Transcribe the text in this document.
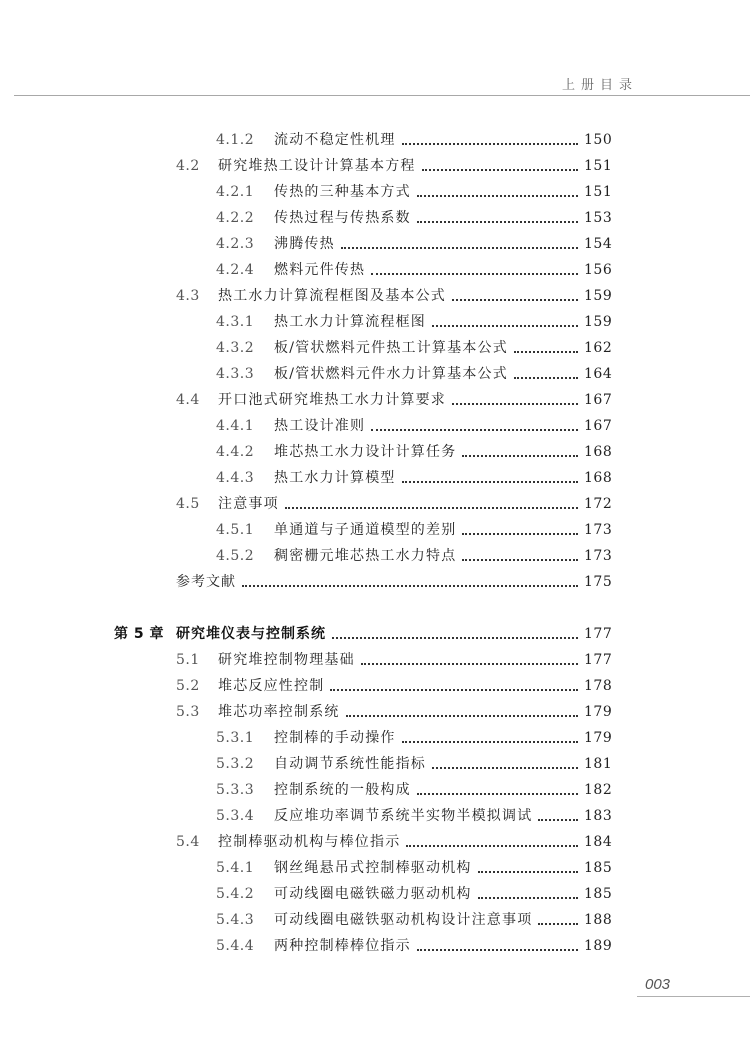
上册目录
4.1.2	流动不稳定性机理	150
4.2	研究堆热工设计计算基本方程	151
4.2.1	传热的三种基本方式	151
4.2.2	传热过程与传热系数	153
4.2.3	沸腾传热	154
4.2.4	燃料元件传热	156
4.3	热工水力计算流程框图及基本公式	159
4.3.1	热工水力计算流程框图	159
4.3.2	板/管状燃料元件热工计算基本公式	162
4.3.3	板/管状燃料元件水力计算基本公式	164
4.4	开口池式研究堆热工水力计算要求	167
4.4.1	热工设计准则	167
4.4.2	堆芯热工水力设计计算任务	168
4.4.3	热工水力计算模型	168
4.5	注意事项	172
4.5.1	单通道与子通道模型的差别	173
4.5.2	稠密栅元堆芯热工水力特点	173
参考文献	175
第 5 章 研究堆仪表与控制系统	177
5.1	研究堆控制物理基础	177
5.2	堆芯反应性控制	178
5.3	堆芯功率控制系统	179
5.3.1	控制棒的手动操作	179
5.3.2	自动调节系统性能指标	181
5.3.3	控制系统的一般构成	182
5.3.4	反应堆功率调节系统半实物半模拟调试	183
5.4	控制棒驱动机构与棒位指示	184
5.4.1	钢丝绳悬吊式控制棒驱动机构	185
5.4.2	可动线圈电磁铁磁力驱动机构	185
5.4.3	可动线圈电磁铁驱动机构设计注意事项	188
5.4.4	两种控制棒棒位指示	189
003
